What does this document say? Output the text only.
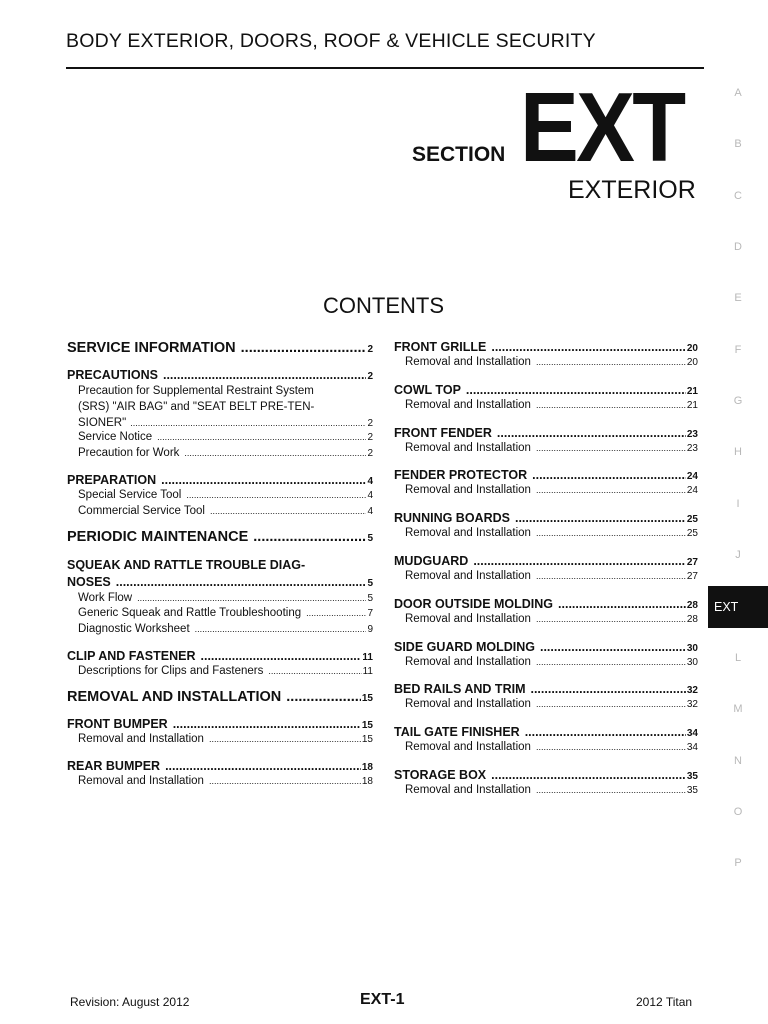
BODY EXTERIOR, DOORS, ROOF & VEHICLE SECURITY
SECTION EXT
EXTERIOR
CONTENTS
SERVICE INFORMATION .....	2
PRECAUTIONS .....	2
Precaution for Supplemental Restraint System
(SRS) "AIR BAG" and "SEAT BELT PRE-TEN-
SIONER" .....	2
Service Notice .....	2
Precaution for Work .....	2
PREPARATION .....	4
Special Service Tool .....	4
Commercial Service Tool .....	4
PERIODIC MAINTENANCE .....	5
SQUEAK AND RATTLE TROUBLE DIAG-
NOSES .....	5
Work Flow .....	5
Generic Squeak and Rattle Troubleshooting .....	7
Diagnostic Worksheet .....	9
CLIP AND FASTENER .....	11
Descriptions for Clips and Fasteners .....	11
REMOVAL AND INSTALLATION .....	15
FRONT BUMPER .....	15
Removal and Installation .....	15
REAR BUMPER .....	18
Removal and Installation .....	18
FRONT GRILLE .....	20
Removal and Installation .....	20
COWL TOP .....	21
Removal and Installation .....	21
FRONT FENDER .....	23
Removal and Installation .....	23
FENDER PROTECTOR .....	24
Removal and Installation .....	24
RUNNING BOARDS .....	25
Removal and Installation .....	25
MUDGUARD .....	27
Removal and Installation .....	27
DOOR OUTSIDE MOLDING .....	28
Removal and Installation .....	28
SIDE GUARD MOLDING .....	30
Removal and Installation .....	30
BED RAILS AND TRIM .....	32
Removal and Installation .....	32
TAIL GATE FINISHER .....	34
Removal and Installation .....	34
STORAGE BOX .....	35
Removal and Installation .....	35
A
B
C
D
E
F
G
H
I
J
EXT
L
M
N
O
P
Revision: August 2012	EXT-1	2012 Titan
